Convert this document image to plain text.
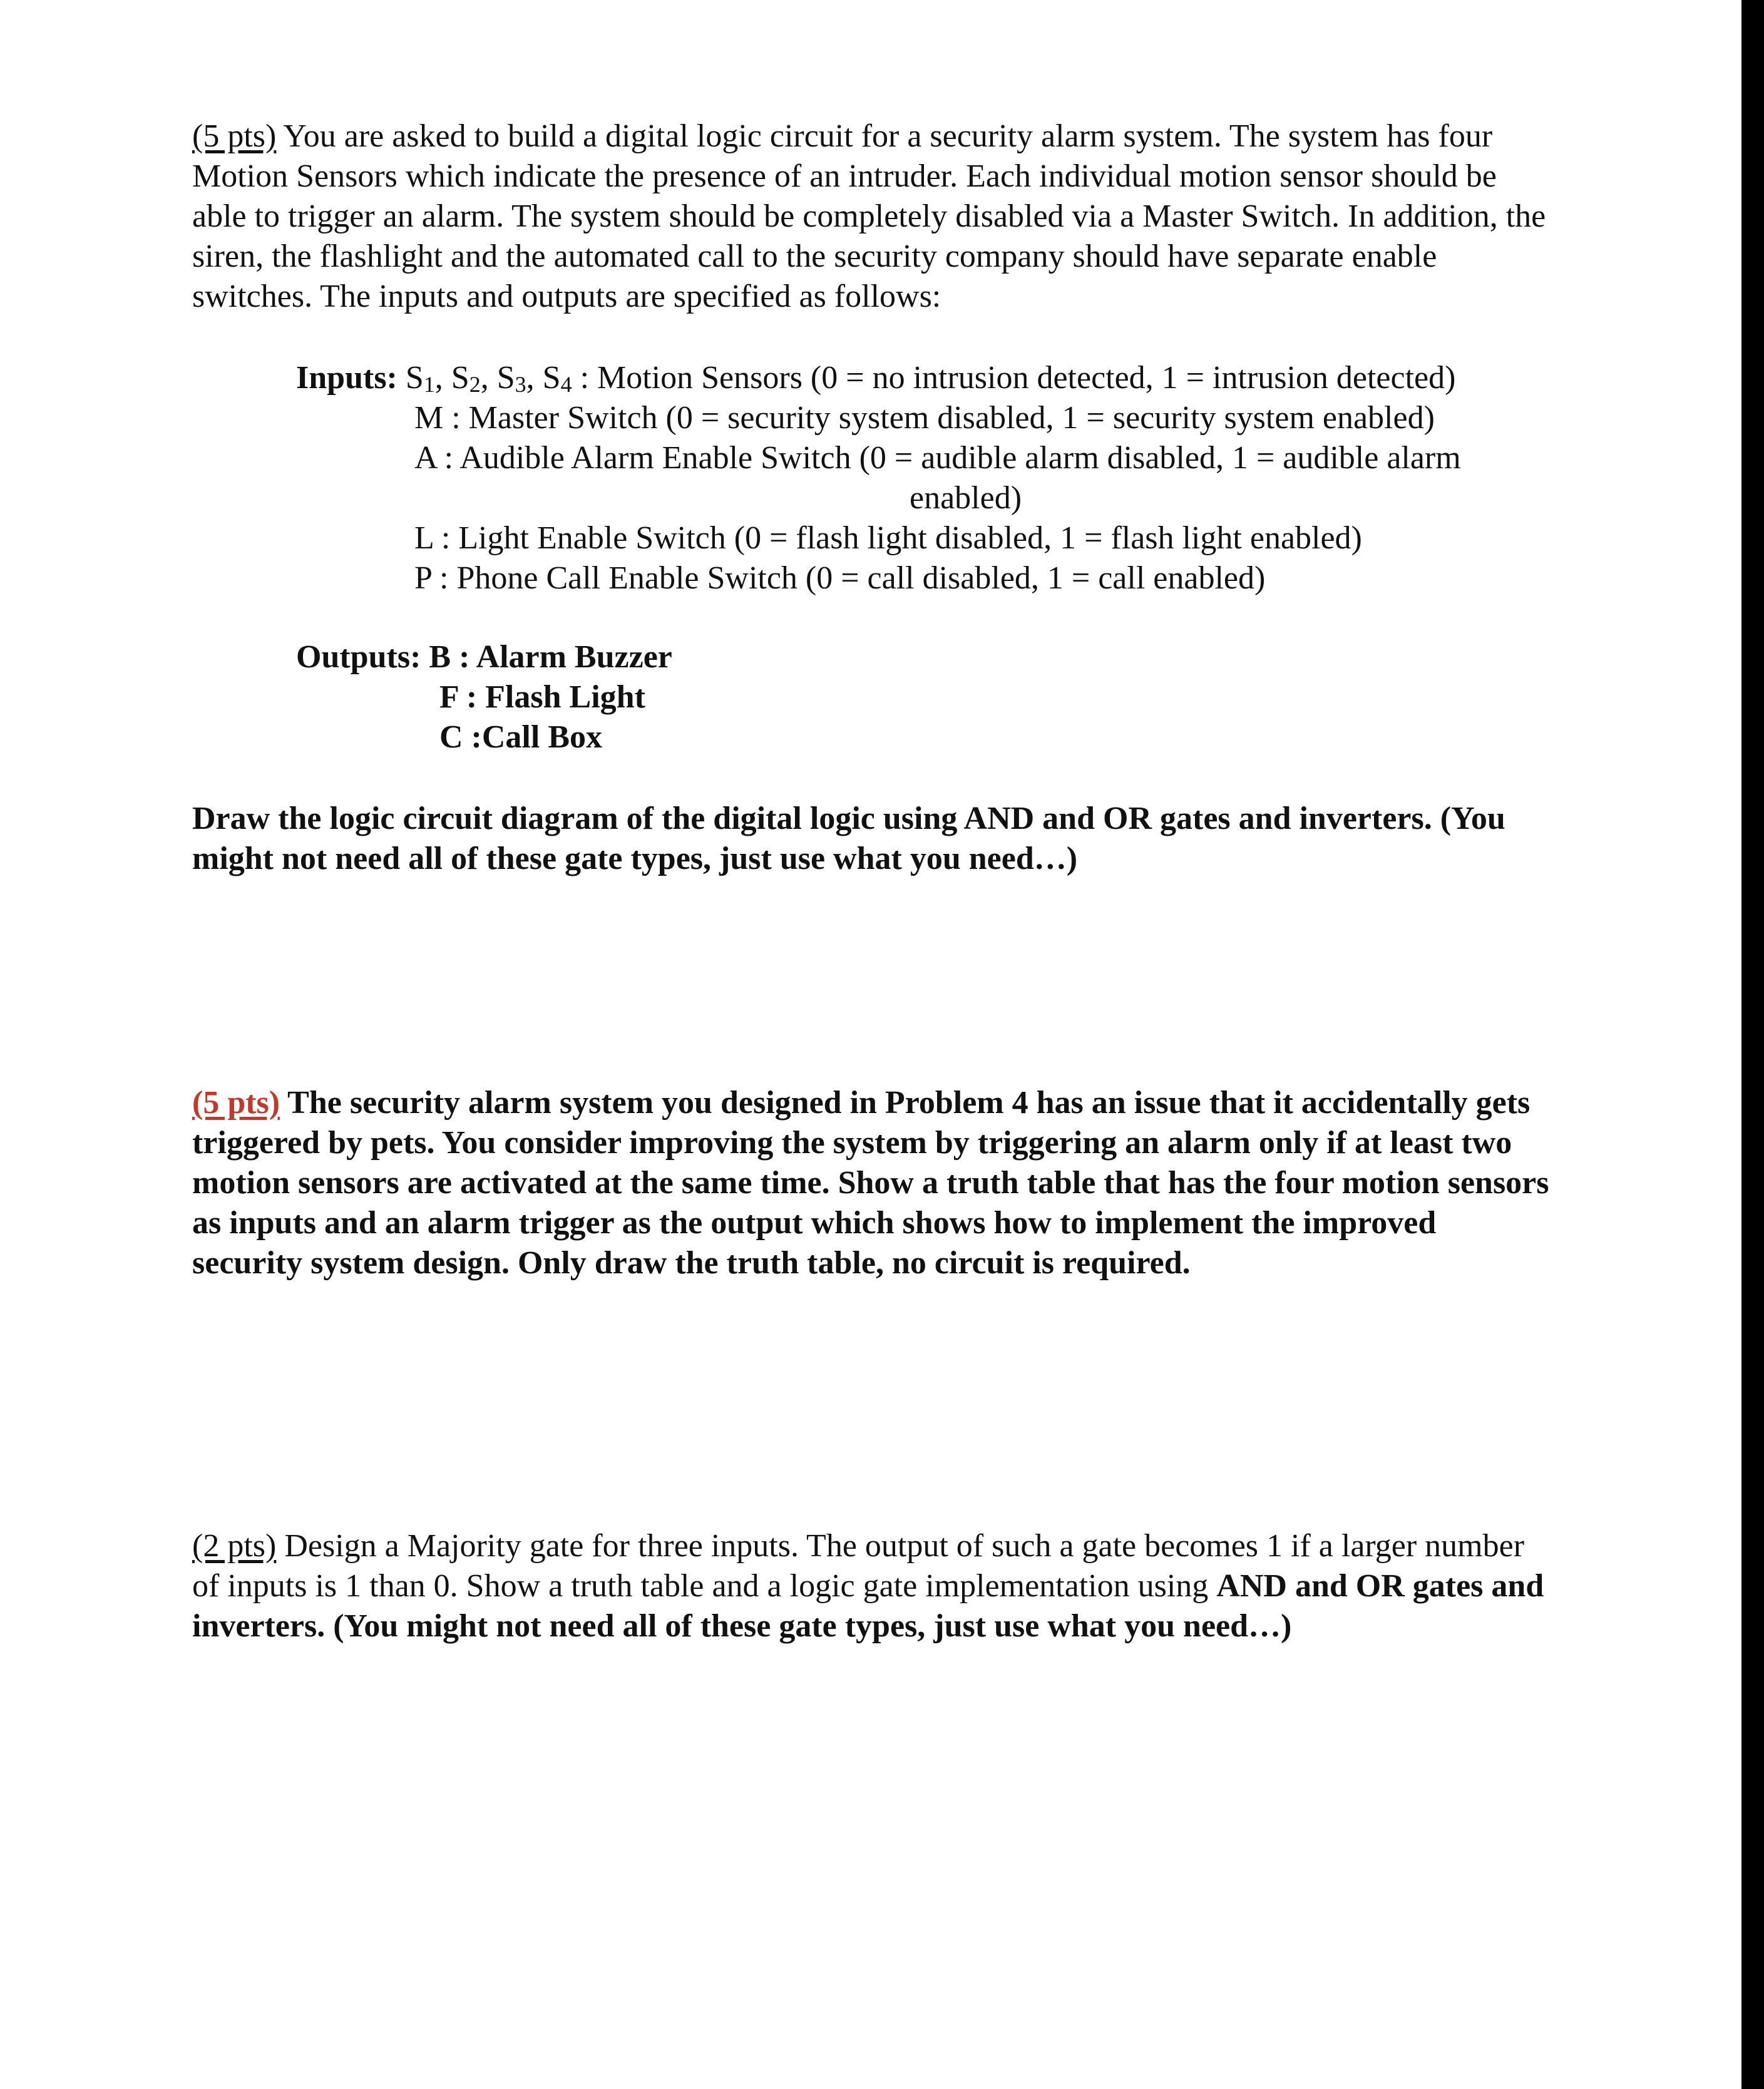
(5 pts) You are asked to build a digital logic circuit for a security alarm system. The system has four Motion Sensors which indicate the presence of an intruder. Each individual motion sensor should be able to trigger an alarm. The system should be completely disabled via a Master Switch. In addition, the siren, the flashlight and the automated call to the security company should have separate enable switches. The inputs and outputs are specified as follows:

Inputs: $S_1$, $S_2$, $S_3$, $S_4$ : Motion Sensors (0 = no intrusion detected, 1 = intrusion detected)
M : Master Switch (0 = security system disabled, 1 = security system enabled)
A : Audible Alarm Enable Switch (0 = audible alarm disabled, 1 = audible alarm
enabled)
L : Light Enable Switch (0 = flash light disabled, 1 = flash light enabled)
P : Phone Call Enable Switch (0 = call disabled, 1 = call enabled)
Outputs: B : Alarm Buzzer
F : Flash Light
C :Call Box

Draw the logic circuit diagram of the digital logic using AND and OR gates and inverters. (You might not need all of these gate types, just use what you need…)

(5 pts) The security alarm system you designed in Problem 4 has an issue that it accidentally gets triggered by pets. You consider improving the system by triggering an alarm only if at least two motion sensors are activated at the same time. Show a truth table that has the four motion sensors as inputs and an alarm trigger as the output which shows how to implement the improved security system design. Only draw the truth table, no circuit is required.

(2 pts) Design a Majority gate for three inputs. The output of such a gate becomes 1 if a larger number of inputs is 1 than 0. Show a truth table and a logic gate implementation using AND and OR gates and inverters. (You might not need all of these gate types, just use what you need…)
